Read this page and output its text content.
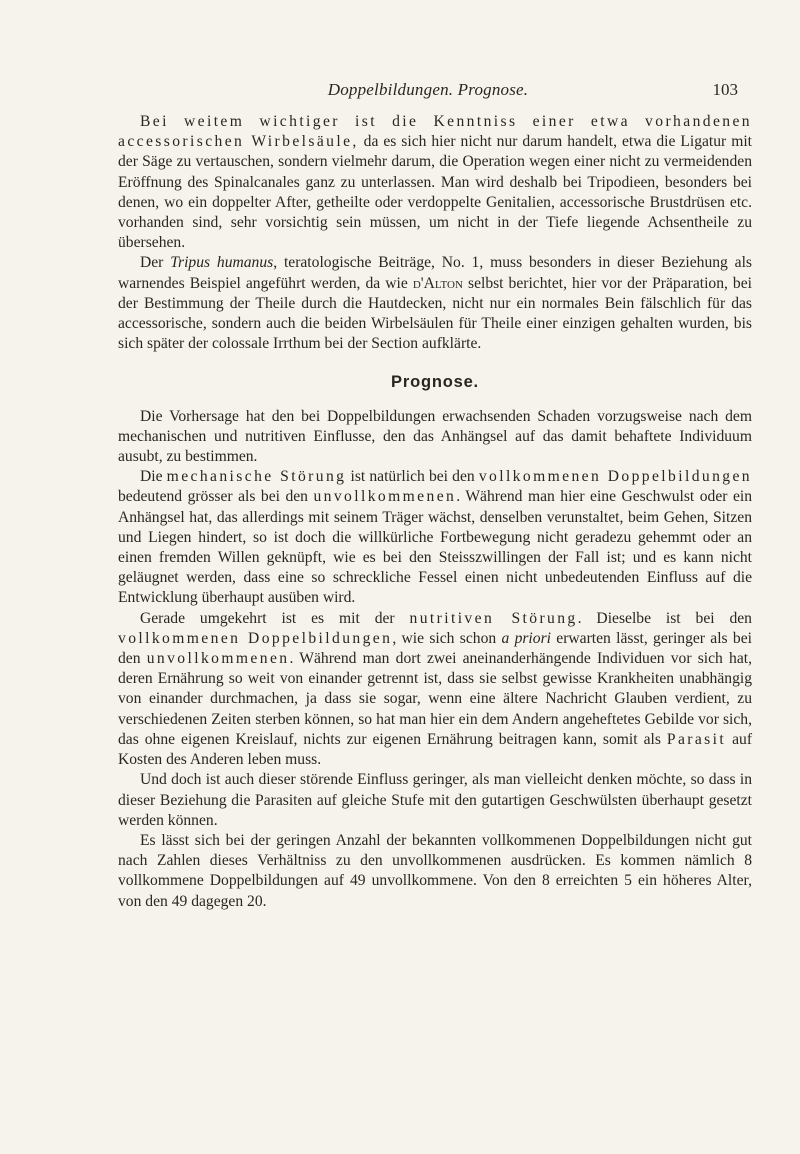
Doppelbildungen. Prognose.	103

Bei weitem wichtiger ist die Kenntniss einer etwa vorhandenen accessorischen Wirbelsäule, da es sich hier nicht nur darum handelt, etwa die Ligatur mit der Säge zu vertauschen, sondern vielmehr darum, die Operation wegen einer nicht zu vermeidenden Eröffnung des Spinalcanales ganz zu unterlassen. Man wird deshalb bei Tripodieen, besonders bei denen, wo ein doppelter After, getheilte oder verdoppelte Genitalien, accessorische Brustdrüsen etc. vorhanden sind, sehr vorsichtig sein müssen, um nicht in der Tiefe liegende Achsentheile zu übersehen.

Der Tripus humanus, teratologische Beiträge, No. 1, muss besonders in dieser Beziehung als warnendes Beispiel angeführt werden, da wie d'Alton selbst berichtet, hier vor der Präparation, bei der Bestimmung der Theile durch die Hautdecken, nicht nur ein normales Bein fälschlich für das accessorische, sondern auch die beiden Wirbelsäulen für Theile einer einzigen gehalten wurden, bis sich später der colossale Irrthum bei der Section aufklärte.

Prognose.

Die Vorhersage hat den bei Doppelbildungen erwachsenden Schaden vorzugsweise nach dem mechanischen und nutritiven Einflusse, den das Anhängsel auf das damit behaftete Individuum ausubt, zu bestimmen.

Die mechanische Störung ist natürlich bei den vollkommenen Doppelbildungen bedeutend grösser als bei den unvollkommenen. Während man hier eine Geschwulst oder ein Anhängsel hat, das allerdings mit seinem Träger wächst, denselben verunstaltet, beim Gehen, Sitzen und Liegen hindert, so ist doch die willkürliche Fortbewegung nicht geradezu gehemmt oder an einen fremden Willen geknüpft, wie es bei den Steisszwillingen der Fall ist; und es kann nicht geläugnet werden, dass eine so schreckliche Fessel einen nicht unbedeutenden Einfluss auf die Entwicklung überhaupt ausüben wird.

Gerade umgekehrt ist es mit der nutritiven Störung. Dieselbe ist bei den vollkommenen Doppelbildungen, wie sich schon a priori erwarten lässt, geringer als bei den unvollkommenen. Während man dort zwei aneinanderhängende Individuen vor sich hat, deren Ernährung so weit von einander getrennt ist, dass sie selbst gewisse Krankheiten unabhängig von einander durchmachen, ja dass sie sogar, wenn eine ältere Nachricht Glauben verdient, zu verschiedenen Zeiten sterben können, so hat man hier ein dem Andern angeheftetes Gebilde vor sich, das ohne eigenen Kreislauf, nichts zur eigenen Ernährung beitragen kann, somit als Parasit auf Kosten des Anderen leben muss.

Und doch ist auch dieser störende Einfluss geringer, als man vielleicht denken möchte, so dass in dieser Beziehung die Parasiten auf gleiche Stufe mit den gutartigen Geschwülsten überhaupt gesetzt werden können.

Es lässt sich bei der geringen Anzahl der bekannten vollkommenen Doppelbildungen nicht gut nach Zahlen dieses Verhältniss zu den unvollkommenen ausdrücken. Es kommen nämlich 8 vollkommene Doppelbildungen auf 49 unvollkommene. Von den 8 erreichten 5 ein höheres Alter, von den 49 dagegen 20.
